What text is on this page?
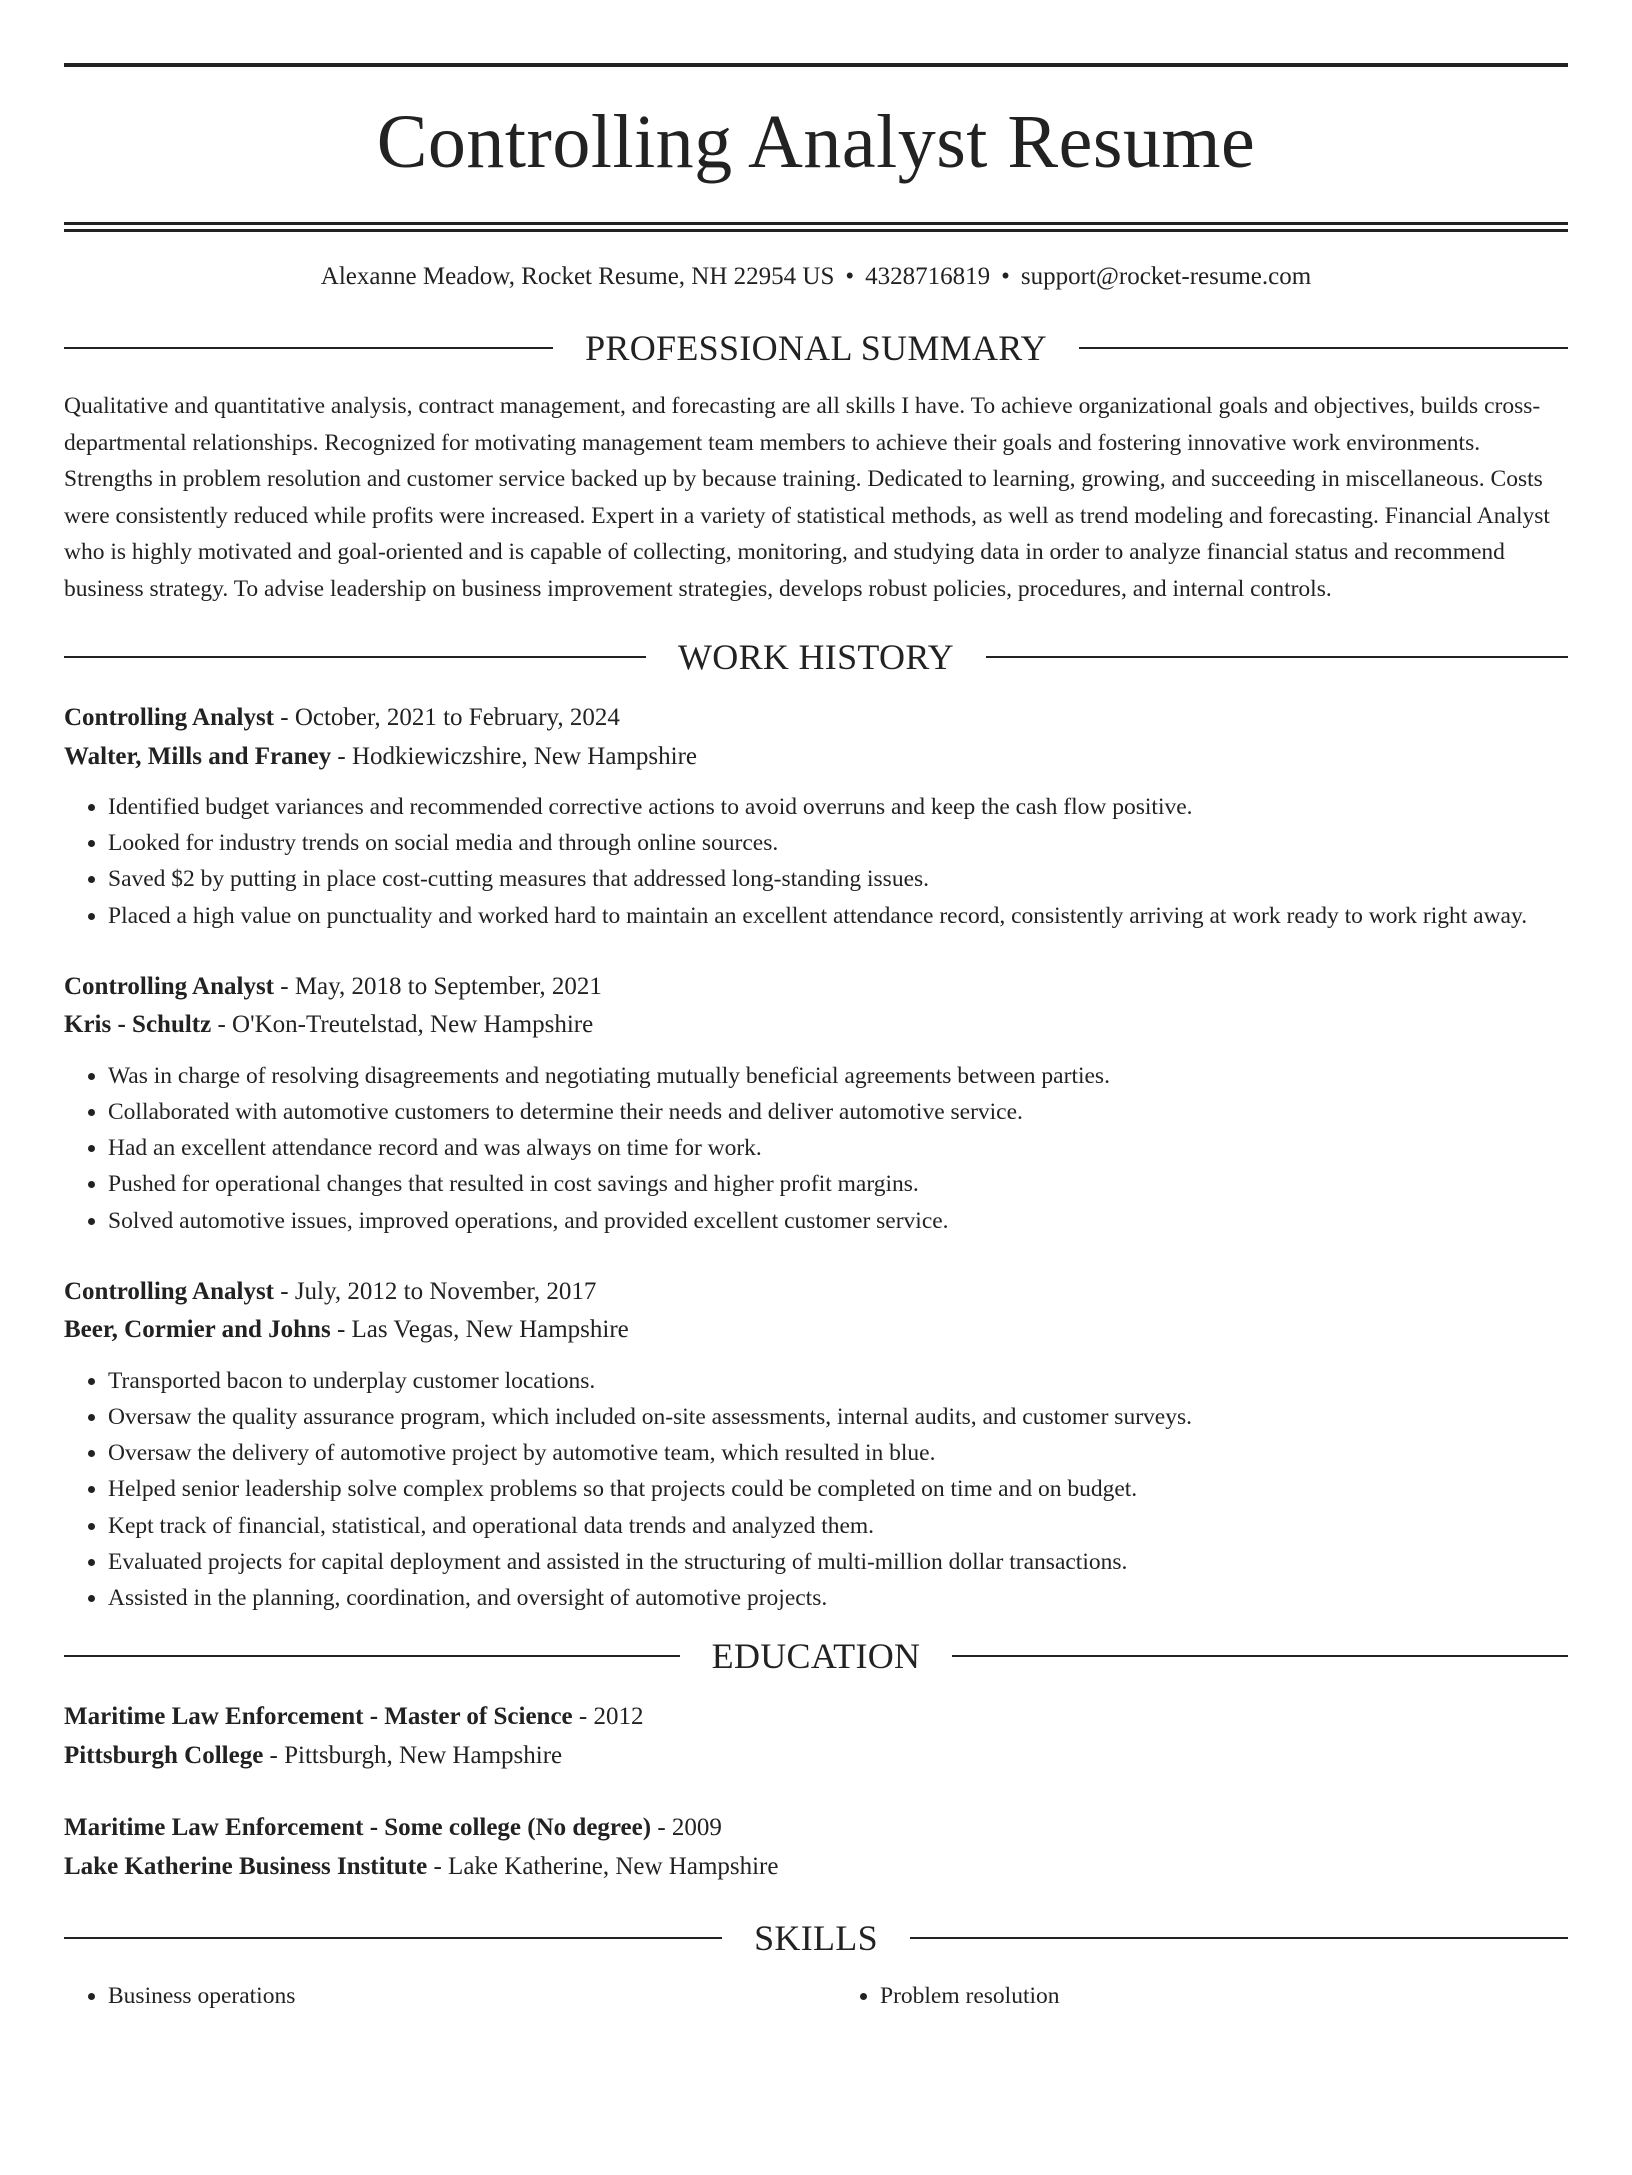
Controlling Analyst Resume
Alexanne Meadow, Rocket Resume, NH 22954 US • 4328716819 • support@rocket-resume.com
PROFESSIONAL SUMMARY

Qualitative and quantitative analysis, contract management, and forecasting are all skills I have. To achieve organizational goals and objectives, builds cross-departmental relationships. Recognized for motivating management team members to achieve their goals and fostering innovative work environments. Strengths in problem resolution and customer service backed up by because training. Dedicated to learning, growing, and succeeding in miscellaneous. Costs were consistently reduced while profits were increased. Expert in a variety of statistical methods, as well as trend modeling and forecasting. Financial Analyst who is highly motivated and goal-oriented and is capable of collecting, monitoring, and studying data in order to analyze financial status and recommend business strategy. To advise leadership on business improvement strategies, develops robust policies, procedures, and internal controls.

WORK HISTORY
Controlling Analyst - October, 2021 to February, 2024
Walter, Mills and Franey - Hodkiewiczshire, New Hampshire
• Identified budget variances and recommended corrective actions to avoid overruns and keep the cash flow positive.
• Looked for industry trends on social media and through online sources.
• Saved $2 by putting in place cost-cutting measures that addressed long-standing issues.
• Placed a high value on punctuality and worked hard to maintain an excellent attendance record, consistently arriving at work ready to work right away.
Controlling Analyst - May, 2018 to September, 2021
Kris - Schultz - O'Kon-Treutelstad, New Hampshire
• Was in charge of resolving disagreements and negotiating mutually beneficial agreements between parties.
• Collaborated with automotive customers to determine their needs and deliver automotive service.
• Had an excellent attendance record and was always on time for work.
• Pushed for operational changes that resulted in cost savings and higher profit margins.
• Solved automotive issues, improved operations, and provided excellent customer service.
Controlling Analyst - July, 2012 to November, 2017
Beer, Cormier and Johns - Las Vegas, New Hampshire
• Transported bacon to underplay customer locations.
• Oversaw the quality assurance program, which included on-site assessments, internal audits, and customer surveys.
• Oversaw the delivery of automotive project by automotive team, which resulted in blue.
• Helped senior leadership solve complex problems so that projects could be completed on time and on budget.
• Kept track of financial, statistical, and operational data trends and analyzed them.
• Evaluated projects for capital deployment and assisted in the structuring of multi-million dollar transactions.
• Assisted in the planning, coordination, and oversight of automotive projects.
EDUCATION
Maritime Law Enforcement - Master of Science - 2012
Pittsburgh College - Pittsburgh, New Hampshire
Maritime Law Enforcement - Some college (No degree) - 2009
Lake Katherine Business Institute - Lake Katherine, New Hampshire
SKILLS
• Business operations
•	Problem resolution
